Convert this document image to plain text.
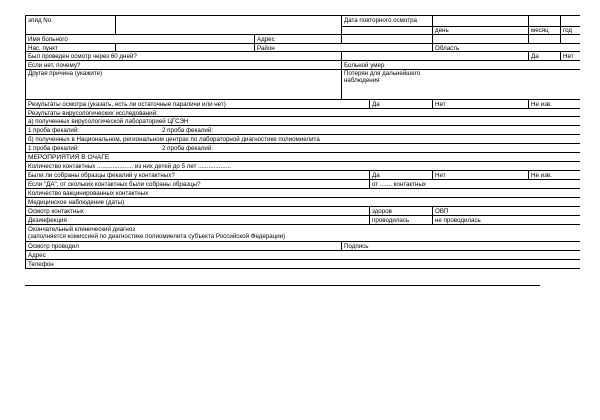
эпид No.	Дата повторного осмотра
день	месяц год
Имя больного	Адрес
Нас. пункт	Район	Область
Был проведен осмотр через 60 дней?	Да	Нет
Если нет, почему?
Другая причина (укажите)
Больной умер
Потерян для дальнейшего наблюдения
Результаты осмотра (указать, есть ли остаточные параличи или нет)	Да	Нет	Не изв.
Результаты вирусологических исследований:
а) полученных вирусологической лабораторией ЦГСЭН
1 проба фекалий:	2 проба фекалий:
б) полученных в Национальном, региональном центрах по лабораторной диагностике полиомиелита
1 проба фекалий:	2 проба фекалий:
МЕРОПРИЯТИЯ В ОЧАГЕ
Количество контактных ..................... из них детей до 5 лет ...................
Были ли собраны образцы фекалий у контактных?	Да	Нет	Не изв.
Если "ДА", от скольких контактных были собраны образцы?	от ....... контактных
Количество вакцинированных контактных
Медицинское наблюдение (даты)
Осмотр контактных	здоров	ОВП
Дезинфекция	проводилась	не проводилась
Окончательный клинический диагноз
(заполняется комиссией по диагностике полиомиелита субъекта Российской Федерации)
Осмотр проводил	Подпись
Адрес
Телефон
